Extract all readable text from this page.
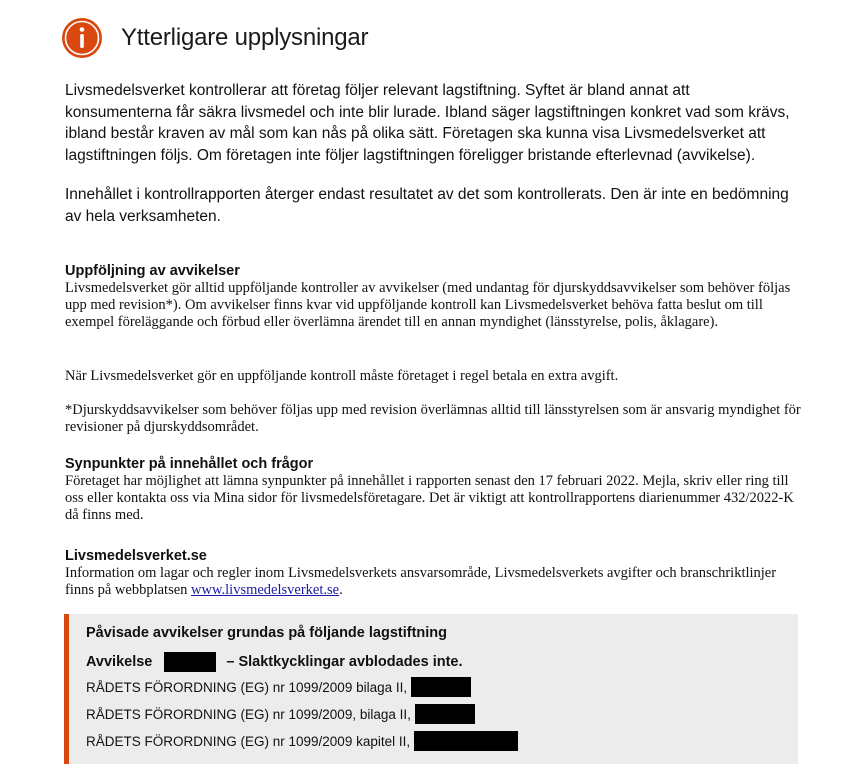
Ytterligare upplysningar
Livsmedelsverket kontrollerar att företag följer relevant lagstiftning. Syftet är bland annat att konsumenterna får säkra livsmedel och inte blir lurade. Ibland säger lagstiftningen konkret vad som krävs, ibland består kraven av mål som kan nås på olika sätt. Företagen ska kunna visa Livsmedelsverket att lagstiftningen följs. Om företagen inte följer lagstiftningen föreligger bristande efterlevnad (avvikelse).
Innehållet i kontrollrapporten återger endast resultatet av det som kontrollerats. Den är inte en bedömning av hela verksamheten.
Uppföljning av avvikelser
Livsmedelsverket gör alltid uppföljande kontroller av avvikelser (med undantag för djurskyddsavvikelser som behöver följas upp med revision*). Om avvikelser finns kvar vid uppföljande kontroll kan Livsmedelsverket behöva fatta beslut om till exempel föreläggande och förbud eller överlämna ärendet till en annan myndighet (länsstyrelse, polis, åklagare).
När Livsmedelsverket gör en uppföljande kontroll måste företaget i regel betala en extra avgift.
*Djurskyddsavvikelser som behöver följas upp med revision överlämnas alltid till länsstyrelsen som är ansvarig myndighet för revisioner på djurskyddsområdet.
Synpunkter på innehållet och frågor
Företaget har möjlighet att lämna synpunkter på innehållet i rapporten senast den 17 februari 2022. Mejla, skriv eller ring till oss eller kontakta oss via Mina sidor för livsmedelsföretagare. Det är viktigt att kontrollrapportens diarienummer 432/2022-K då finns med.
Livsmedelsverket.se
Information om lagar och regler inom Livsmedelsverkets ansvarsområde, Livsmedelsverkets avgifter och branschriktlinjer finns på webbplatsen www.livsmedelsverket.se.
Påvisade avvikelser grundas på följande lagstiftning
Avvikelse	– Slaktkycklingar avblodades inte.
RÅDETS FÖRORDNING (EG) nr 1099/2009 bilaga II,
RÅDETS FÖRORDNING (EG) nr 1099/2009, bilaga II,
RÅDETS FÖRORDNING (EG) nr 1099/2009 kapitel II,
